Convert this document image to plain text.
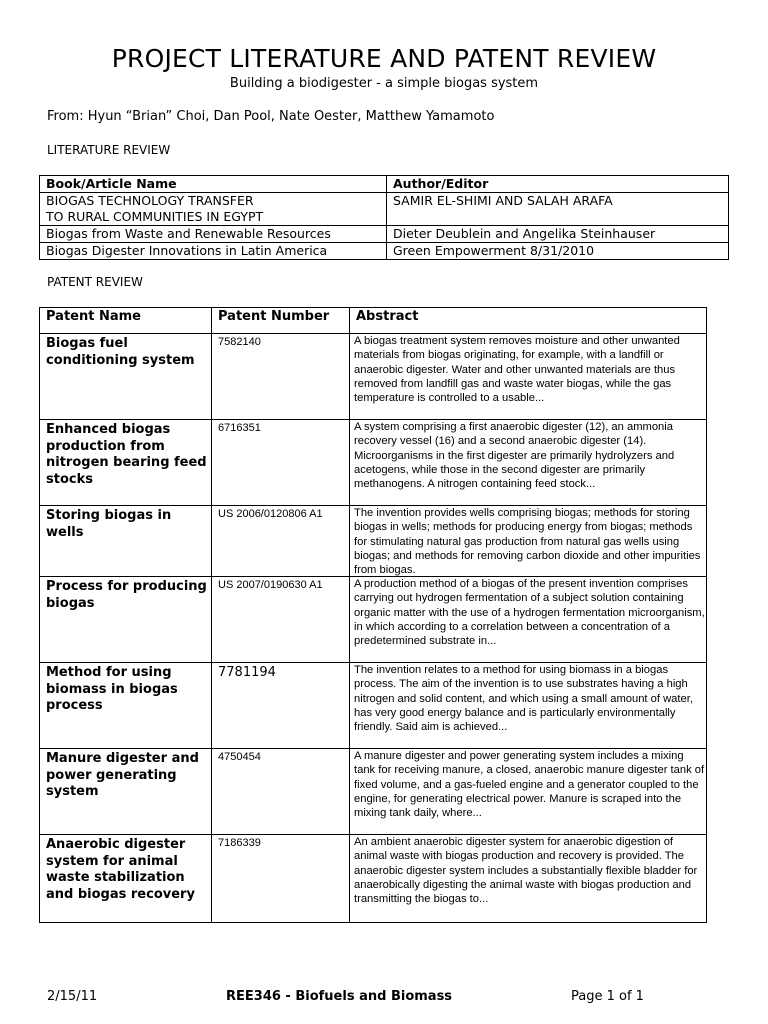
PROJECT LITERATURE AND PATENT REVIEW
Building a biodigester - a simple biogas system
From: Hyun “Brian” Choi, Dan Pool, Nate Oester, Matthew Yamamoto
LITERATURE REVIEW
Book/Article Name	Author/Editor

BIOGAS TECHNOLOGY TRANSFER
TO RURAL COMMUNITIES IN EGYPT	SAMIR EL-SHIMI AND SALAH ARAFA
Biogas from Waste and Renewable Resources	Dieter Deublein and Angelika Steinhauser
Biogas Digester Innovations in Latin America	Green Empowerment 8/31/2010
PATENT REVIEW
Patent Name	Patent Number	Abstract
Biogas fuel conditioning system	7582140	A biogas treatment system removes moisture and other unwanted materials from biogas originating, for example, with a landfill or anaerobic digester. Water and other unwanted materials are thus removed from landfill gas and waste water biogas, while the gas temperature is controlled to a usable...

Enhanced biogas production from nitrogen bearing feed stocks	6716351	A system comprising a first anaerobic digester (12), an ammonia recovery vessel (16) and a second anaerobic digester (14). Microorganisms in the first digester are primarily hydrolyzers and acetogens, while those in the second digester are primarily methanogens. A nitrogen containing feed stock...

Storing biogas in wells	US 2006/0120806 A1	The invention provides wells comprising biogas; methods for storing biogas in wells; methods for producing energy from biogas; methods for stimulating natural gas production from natural gas wells using biogas; and methods for removing carbon dioxide and other impurities from biogas.

Process for producing biogas	US 2007/0190630 A1	A production method of a biogas of the present invention comprises carrying out hydrogen fermentation of a subject solution containing organic matter with the use of a hydrogen fermentation microorganism, in which according to a correlation between a concentration of a predetermined substrate in...

Method for using biomass in biogas process	7781194	The invention relates to a method for using biomass in a biogas process. The aim of the invention is to use substrates having a high nitrogen and solid content, and which using a small amount of water, has very good energy balance and is particularly environmentally friendly. Said aim is achieved...

Manure digester and power generating system	4750454	A manure digester and power generating system includes a mixing tank for receiving manure, a closed, anaerobic manure digester tank of fixed volume, and a gas-fueled engine and a generator coupled to the engine, for generating electrical power. Manure is scraped into the mixing tank daily, where...

Anaerobic digester system for animal waste stabilization and biogas recovery	7186339	An ambient anaerobic digester system for anaerobic digestion of animal waste with biogas production and recovery is provided. The anaerobic digester system includes a substantially flexible bladder for anaerobically digesting the animal waste with biogas production and transmitting the biogas to...
2/15/11	REE346 - Biofuels and Biomass	Page 1 of 1
